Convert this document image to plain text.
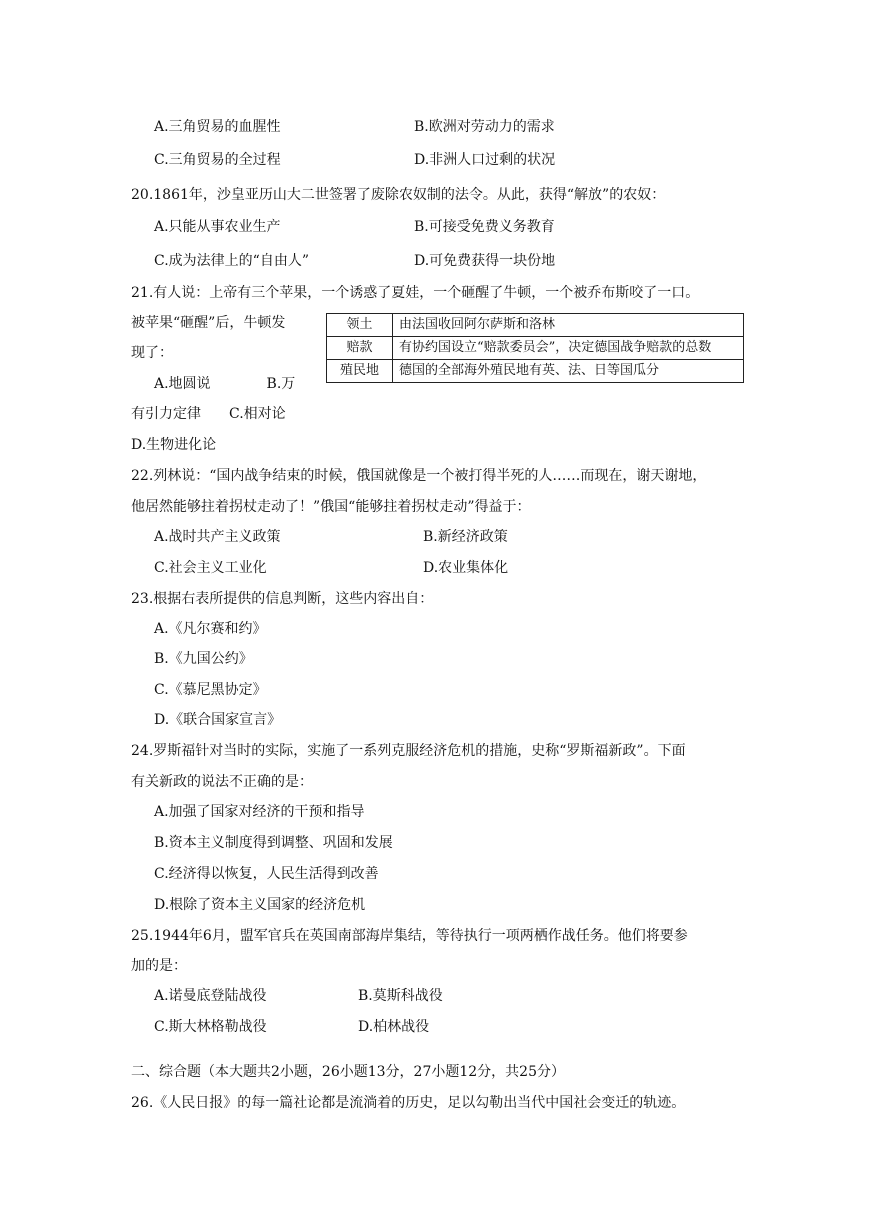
A.三角贸易的血腥性	B.欧洲对劳动力的需求
C.三角贸易的全过程	D.非洲人口过剩的状况
20.1861年，沙皇亚历山大二世签署了废除农奴制的法令。从此，获得“解放”的农奴：
A.只能从事农业生产	B.可接受免费义务教育
C.成为法律上的“自由人”	D.可免费获得一块份地
21.有人说：上帝有三个苹果，一个诱惑了夏娃，一个砸醒了牛顿，一个被乔布斯咬了一口。
被苹果“砸醒”后，牛顿发
现了：
A.地圆说　　　　B.万
有引力定律　　C.相对论
D.生物进化论
领土	由法国收回阿尔萨斯和洛林
赔款	有协约国设立“赔款委员会”，决定德国战争赔款的总数
殖民地	德国的全部海外殖民地有英、法、日等国瓜分
22.列林说：“国内战争结束的时候，俄国就像是一个被打得半死的人……而现在，谢天谢地，
他居然能够拄着拐杖走动了！”俄国“能够拄着拐杖走动”得益于：
A.战时共产主义政策	B.新经济政策
C.社会主义工业化	D.农业集体化
23.根据右表所提供的信息判断，这些内容出自：
A.《凡尔赛和约》
B.《九国公约》
C.《慕尼黑协定》
D.《联合国家宣言》
24.罗斯福针对当时的实际，实施了一系列克服经济危机的措施，史称“罗斯福新政”。下面
有关新政的说法不正确的是：
A.加强了国家对经济的干预和指导
B.资本主义制度得到调整、巩固和发展
C.经济得以恢复，人民生活得到改善
D.根除了资本主义国家的经济危机
25.1944年6月，盟军官兵在英国南部海岸集结，等待执行一项两栖作战任务。他们将要参
加的是：
A.诺曼底登陆战役	B.莫斯科战役
C.斯大林格勒战役	D.柏林战役
二、综合题（本大题共2小题，26小题13分，27小题12分，共25分）
26.《人民日报》的每一篇社论都是流淌着的历史，足以勾勒出当代中国社会变迁的轨迹。
